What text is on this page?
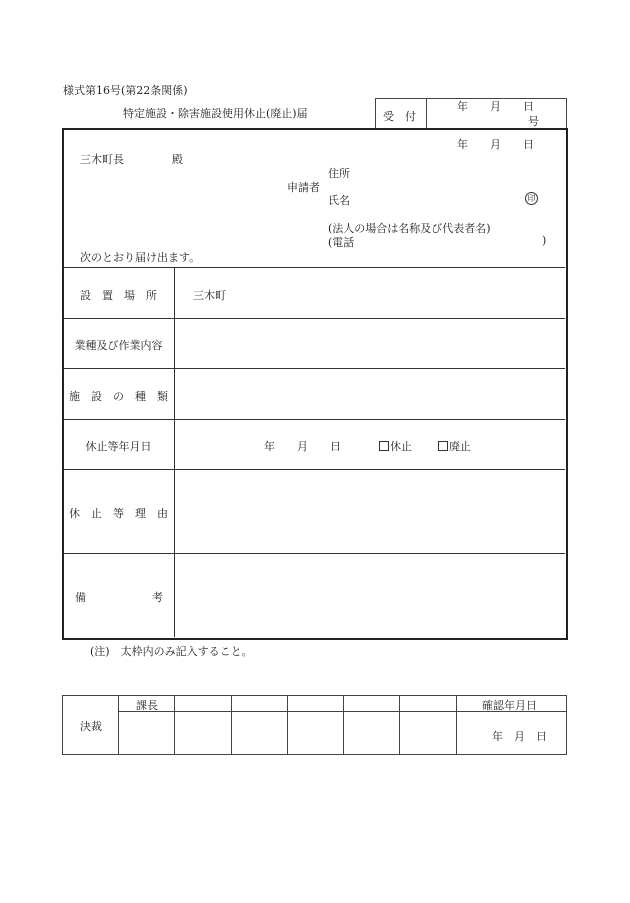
様式第16号(第22条関係)
特定施設・除害施設使用休止(廃止)届	受　付
年　　月　　日
号
年　　月　　日
三木町長	殿
住所
申請者
氏名	印
(法人の場合は名称及び代表者名)
(電話	)
次のとおり届け出ます。
設　置　場　所	三木町
業種及び作業内容
施　設　の　種　類
休止等年月日	年　　月　　日	休止	廃止
休　止　等　理　由
備	考
(注)　太枠内のみ記入すること。
決裁
課長	確認年月日
年　月　日
